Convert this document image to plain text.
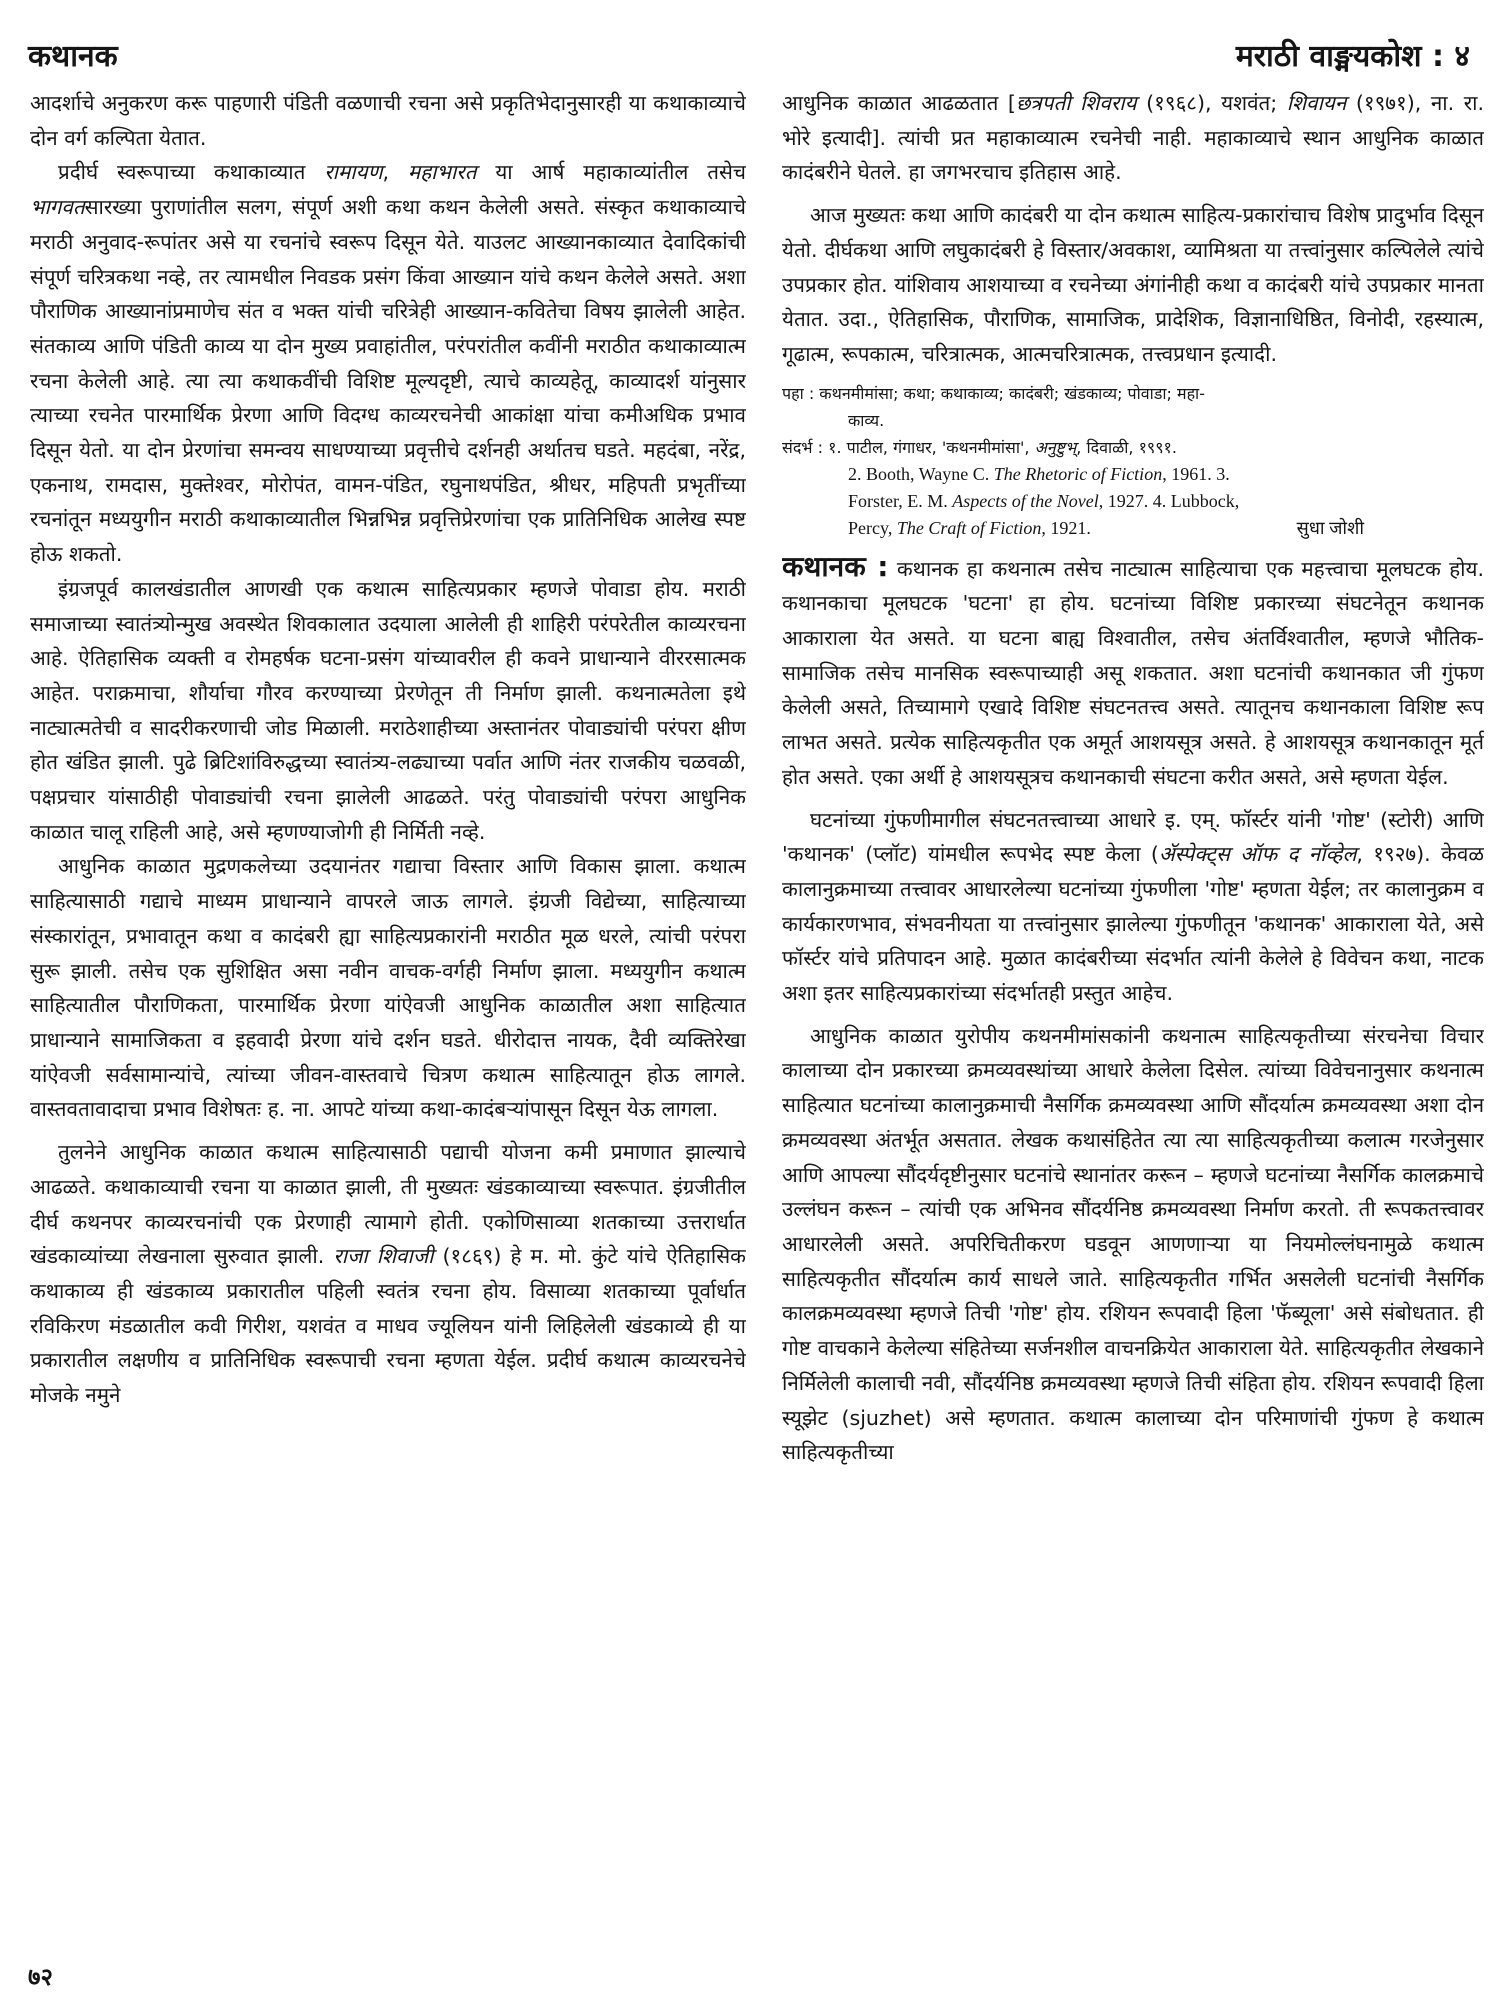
कथानक	मराठी वाङ्मयकोश : ४

आदर्शाचे अनुकरण करू पाहणारी पंडिती वळणाची रचना असे प्रकृतिभेदानुसारही या कथाकाव्याचे दोन वर्ग कल्पिता येतात.

प्रदीर्घ स्वरूपाच्या कथाकाव्यात रामायण, महाभारत या आर्ष महाकाव्यांतील तसेच भागवतसारख्या पुराणांतील सलग, संपूर्ण अशी कथा कथन केलेली असते. संस्कृत कथाकाव्याचे मराठी अनुवाद-रूपांतर असे या रचनांचे स्वरूप दिसून येते. याउलट आख्यानकाव्यात देवादिकांची संपूर्ण चरित्रकथा नव्हे, तर त्यामधील निवडक प्रसंग किंवा आख्यान यांचे कथन केलेले असते. अशा पौराणिक आख्यानांप्रमाणेच संत व भक्त यांची चरित्रेही आख्यान-कवितेचा विषय झालेली आहेत. संतकाव्य आणि पंडिती काव्य या दोन मुख्य प्रवाहांतील, परंपरांतील कवींनी मराठीत कथाकाव्यात्म रचना केलेली आहे. त्या त्या कथाकवींची विशिष्ट मूल्यदृष्टी, त्याचे काव्यहेतू, काव्यादर्श यांनुसार त्याच्या रचनेत पारमार्थिक प्रेरणा आणि विदग्ध काव्यरचनेची आकांक्षा यांचा कमीअधिक प्रभाव दिसून येतो. या दोन प्रेरणांचा समन्वय साधण्याच्या प्रवृत्तीचे दर्शनही अर्थातच घडते. महदंबा, नरेंद्र, एकनाथ, रामदास, मुक्तेश्वर, मोरोपंत, वामन-पंडित, रघुनाथपंडित, श्रीधर, महिपती प्रभृतींच्या रचनांतून मध्ययुगीन मराठी कथाकाव्यातील भिन्नभिन्न प्रवृत्तिप्रेरणांचा एक प्रातिनिधिक आलेख स्पष्ट होऊ शकतो.

इंग्रजपूर्व कालखंडातील आणखी एक कथात्म साहित्यप्रकार म्हणजे पोवाडा होय. मराठी समाजाच्या स्वातंत्र्योन्मुख अवस्थेत शिवकालात उदयाला आलेली ही शाहिरी परंपरेतील काव्यरचना आहे. ऐतिहासिक व्यक्ती व रोमहर्षक घटना-प्रसंग यांच्यावरील ही कवने प्राधान्याने वीररसात्मक आहेत. पराक्रमाचा, शौर्याचा गौरव करण्याच्या प्रेरणेतून ती निर्माण झाली. कथनात्मतेला इथे नाट्यात्मतेची व सादरीकरणाची जोड मिळाली. मराठेशाहीच्या अस्तानंतर पोवाड्यांची परंपरा क्षीण होत खंडित झाली. पुढे ब्रिटिशांविरुद्धच्या स्वातंत्र्य-लढ्याच्या पर्वात आणि नंतर राजकीय चळवळी, पक्षप्रचार यांसाठीही पोवाड्यांची रचना झालेली आढळते. परंतु पोवाड्यांची परंपरा आधुनिक काळात चालू राहिली आहे, असे म्हणण्याजोगी ही निर्मिती नव्हे.

आधुनिक काळात मुद्रणकलेच्या उदयानंतर गद्याचा विस्तार आणि विकास झाला. कथात्म साहित्यासाठी गद्याचे माध्यम प्राधान्याने वापरले जाऊ लागले. इंग्रजी विद्येच्या, साहित्याच्या संस्कारांतून, प्रभावातून कथा व कादंबरी ह्या साहित्यप्रकारांनी मराठीत मूळ धरले, त्यांची परंपरा सुरू झाली. तसेच एक सुशिक्षित असा नवीन वाचक-वर्गही निर्माण झाला. मध्ययुगीन कथात्म साहित्यातील पौराणिकता, पारमार्थिक प्रेरणा यांऐवजी आधुनिक काळातील अशा साहित्यात प्राधान्याने सामाजिकता व इहवादी प्रेरणा यांचे दर्शन घडते. धीरोदात्त नायक, दैवी व्यक्तिरेखा यांऐवजी सर्वसामान्यांचे, त्यांच्या जीवन-वास्तवाचे चित्रण कथात्म साहित्यातून होऊ लागले. वास्तवतावादाचा प्रभाव विशेषतः ह. ना. आपटे यांच्या कथा-कादंबऱ्यांपासून दिसून येऊ लागला.

तुलनेने आधुनिक काळात कथात्म साहित्यासाठी पद्याची योजना कमी प्रमाणात झाल्याचे आढळते. कथाकाव्याची रचना या काळात झाली, ती मुख्यतः खंडकाव्याच्या स्वरूपात. इंग्रजीतील दीर्घ कथनपर काव्यरचनांची एक प्रेरणाही त्यामागे होती. एकोणिसाव्या शतकाच्या उत्तरार्धात खंडकाव्यांच्या लेखनाला सुरुवात झाली. राजा शिवाजी (१८६९) हे म. मो. कुंटे यांचे ऐतिहासिक कथाकाव्य ही खंडकाव्य प्रकारातील पहिली स्वतंत्र रचना होय. विसाव्या शतकाच्या पूर्वार्धात रविकिरण मंडळातील कवी गिरीश, यशवंत व माधव ज्यूलियन यांनी लिहिलेली खंडकाव्ये ही या प्रकारातील लक्षणीय व प्रातिनिधिक स्वरूपाची रचना म्हणता येईल. प्रदीर्घ कथात्म काव्यरचनेचे मोजके नमुने

आधुनिक काळात आढळतात [छत्रपती शिवराय (१९६८), यशवंत; शिवायन (१९७१), ना. रा. भोरे इत्यादी]. त्यांची प्रत महाकाव्यात्म रचनेची नाही. महाकाव्याचे स्थान आधुनिक काळात कादंबरीने घेतले. हा जगभरचाच इतिहास आहे.

आज मुख्यतः कथा आणि कादंबरी या दोन कथात्म साहित्य-प्रकारांचाच विशेष प्रादुर्भाव दिसून येतो. दीर्घकथा आणि लघुकादंबरी हे विस्तार/अवकाश, व्यामिश्रता या तत्त्वांनुसार कल्पिलेले त्यांचे उपप्रकार होत. यांशिवाय आशयाच्या व रचनेच्या अंगांनीही कथा व कादंबरी यांचे उपप्रकार मानता येतात. उदा., ऐतिहासिक, पौराणिक, सामाजिक, प्रादेशिक, विज्ञानाधिष्ठित, विनोदी, रहस्यात्म, गूढात्म, रूपकात्म, चरित्रात्मक, आत्मचरित्रात्मक, तत्त्वप्रधान इत्यादी.

पहा : कथनमीमांसा; कथा; कथाकाव्य; कादंबरी; खंडकाव्य; पोवाडा; महा-
काव्य.
संदर्भ : १. पाटील, गंगाधर, 'कथनमीमांसा', अनुष्टुभ्, दिवाळी, १९९१.
2. Booth, Wayne C. The Rhetoric of Fiction, 1961. 3.
Forster, E. M. Aspects of the Novel, 1927. 4. Lubbock,
Percy, The Craft of Fiction, 1921.	सुधा जोशी

कथानक : कथानक हा कथनात्म तसेच नाट्यात्म साहित्याचा एक महत्त्वाचा मूलघटक होय. कथानकाचा मूलघटक 'घटना' हा होय. घटनांच्या विशिष्ट प्रकारच्या संघटनेतून कथानक आकाराला येत असते. या घटना बाह्य विश्वातील, तसेच अंतर्विश्वातील, म्हणजे भौतिक-सामाजिक तसेच मानसिक स्वरूपाच्याही असू शकतात. अशा घटनांची कथानकात जी गुंफण केलेली असते, तिच्यामागे एखादे विशिष्ट संघटनतत्त्व असते. त्यातूनच कथानकाला विशिष्ट रूप लाभत असते. प्रत्येक साहित्यकृतीत एक अमूर्त आशयसूत्र असते. हे आशयसूत्र कथानकातून मूर्त होत असते. एका अर्थी हे आशयसूत्रच कथानकाची संघटना करीत असते, असे म्हणता येईल.

घटनांच्या गुंफणीमागील संघटनतत्त्वाच्या आधारे इ. एम्. फॉर्स्टर यांनी 'गोष्ट' (स्टोरी) आणि 'कथानक' (प्लॉट) यांमधील रूपभेद स्पष्ट केला (ॲस्पेक्ट्स ऑफ द नॉव्हेल, १९२७). केवळ कालानुक्रमाच्या तत्त्वावर आधारलेल्या घटनांच्या गुंफणीला 'गोष्ट' म्हणता येईल; तर कालानुक्रम व कार्यकारणभाव, संभवनीयता या तत्त्वांनुसार झालेल्या गुंफणीतून 'कथानक' आकाराला येते, असे फॉर्स्टर यांचे प्रतिपादन आहे. मुळात कादंबरीच्या संदर्भात त्यांनी केलेले हे विवेचन कथा, नाटक अशा इतर साहित्यप्रकारांच्या संदर्भातही प्रस्तुत आहेच.

आधुनिक काळात युरोपीय कथनमीमांसकांनी कथनात्म साहित्यकृतीच्या संरचनेचा विचार कालाच्या दोन प्रकारच्या क्रमव्यवस्थांच्या आधारे केलेला दिसेल. त्यांच्या विवेचनानुसार कथनात्म साहित्यात घटनांच्या कालानुक्रमाची नैसर्गिक क्रमव्यवस्था आणि सौंदर्यात्म क्रमव्यवस्था अशा दोन क्रमव्यवस्था अंतर्भूत असतात. लेखक कथासंहितेत त्या त्या साहित्यकृतीच्या कलात्म गरजेनुसार आणि आपल्या सौंदर्यदृष्टीनुसार घटनांचे स्थानांतर करून – म्हणजे घटनांच्या नैसर्गिक कालक्रमाचे उल्लंघन करून – त्यांची एक अभिनव सौंदर्यनिष्ठ क्रमव्यवस्था निर्माण करतो. ती रूपकतत्त्वावर आधारलेली असते. अपरिचितीकरण घडवून आणणाऱ्या या नियमोल्लंघनामुळे कथात्म साहित्यकृतीत सौंदर्यात्म कार्य साधले जाते. साहित्यकृतीत गर्भित असलेली घटनांची नैसर्गिक कालक्रमव्यवस्था म्हणजे तिची 'गोष्ट' होय. रशियन रूपवादी हिला 'फॅब्यूला' असे संबोधतात. ही गोष्ट वाचकाने केलेल्या संहितेच्या सर्जनशील वाचनक्रियेत आकाराला येते. साहित्यकृतीत लेखकाने निर्मिलेली कालाची नवी, सौंदर्यनिष्ठ क्रमव्यवस्था म्हणजे तिची संहिता होय. रशियन रूपवादी हिला स्यूझेट (sjuzhet) असे म्हणतात. कथात्म कालाच्या दोन परिमाणांची गुंफण हे कथात्म साहित्यकृतीच्या

७२
